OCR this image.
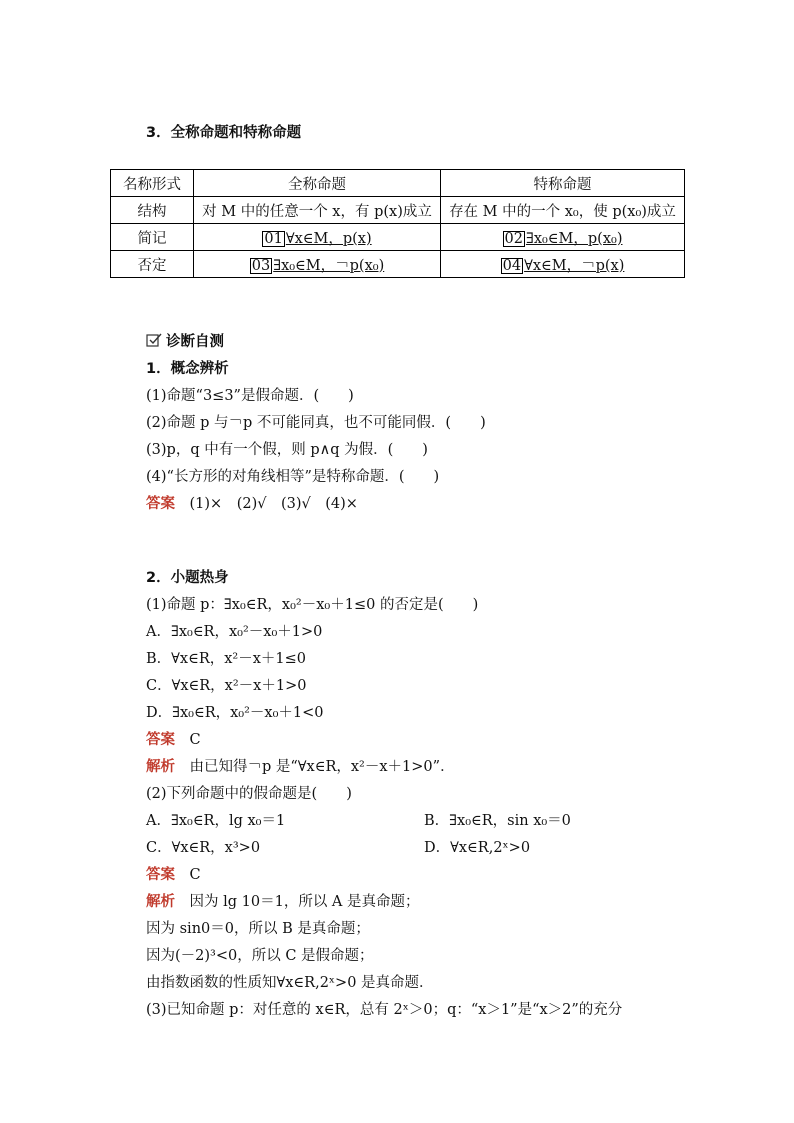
3．全称命题和特称命题
名称形式	全称命题	特称命题
结构	对 M 中的任意一个 x，有 p(x)成立	存在 M 中的一个 x₀，使 p(x₀)成立
简记	01 ∀x∈M，p(x)	02 ∃x₀∈M，p(x₀)
否定	03 ∃x₀∈M，￢p(x₀)	04 ∀x∈M，￢p(x)
诊断自测
1．概念辨析
(1)命题“3≤3”是假命题．(　　)
(2)命题 p 与￢p 不可能同真，也不可能同假．(　　)
(3)p，q 中有一个假，则 p∧q 为假．(　　)
(4)“长方形的对角线相等”是特称命题．(　　)
答案　 (1)×　(2)√　(3)√　(4)×
2．小题热身
(1)命题 p：∃x₀∈R，x₀²－x₀＋1≤0 的否定是(　　)
A．∃x₀∈R，x₀²－x₀＋1>0
B．∀x∈R，x²－x＋1≤0
C．∀x∈R，x²－x＋1>0
D．∃x₀∈R，x₀²－x₀＋1<0
答案　 C
解析　 由已知得￢p 是“∀x∈R，x²－x＋1>0”．
(2)下列命题中的假命题是(　　)
A．∃x₀∈R，lg x₀＝1	B．∃x₀∈R，sin x₀＝0
C．∀x∈R，x³>0	D．∀x∈R,2ˣ>0
答案　 C
解析　 因为 lg 10＝1，所以 A 是真命题；
因为 sin0＝0，所以 B 是真命题；
因为(－2)³<0，所以 C 是假命题；
由指数函数的性质知∀x∈R,2ˣ>0 是真命题．
(3)已知命题 p：对任意的 x∈R，总有 2ˣ＞0；q：“x＞1”是“x＞2”的充分
